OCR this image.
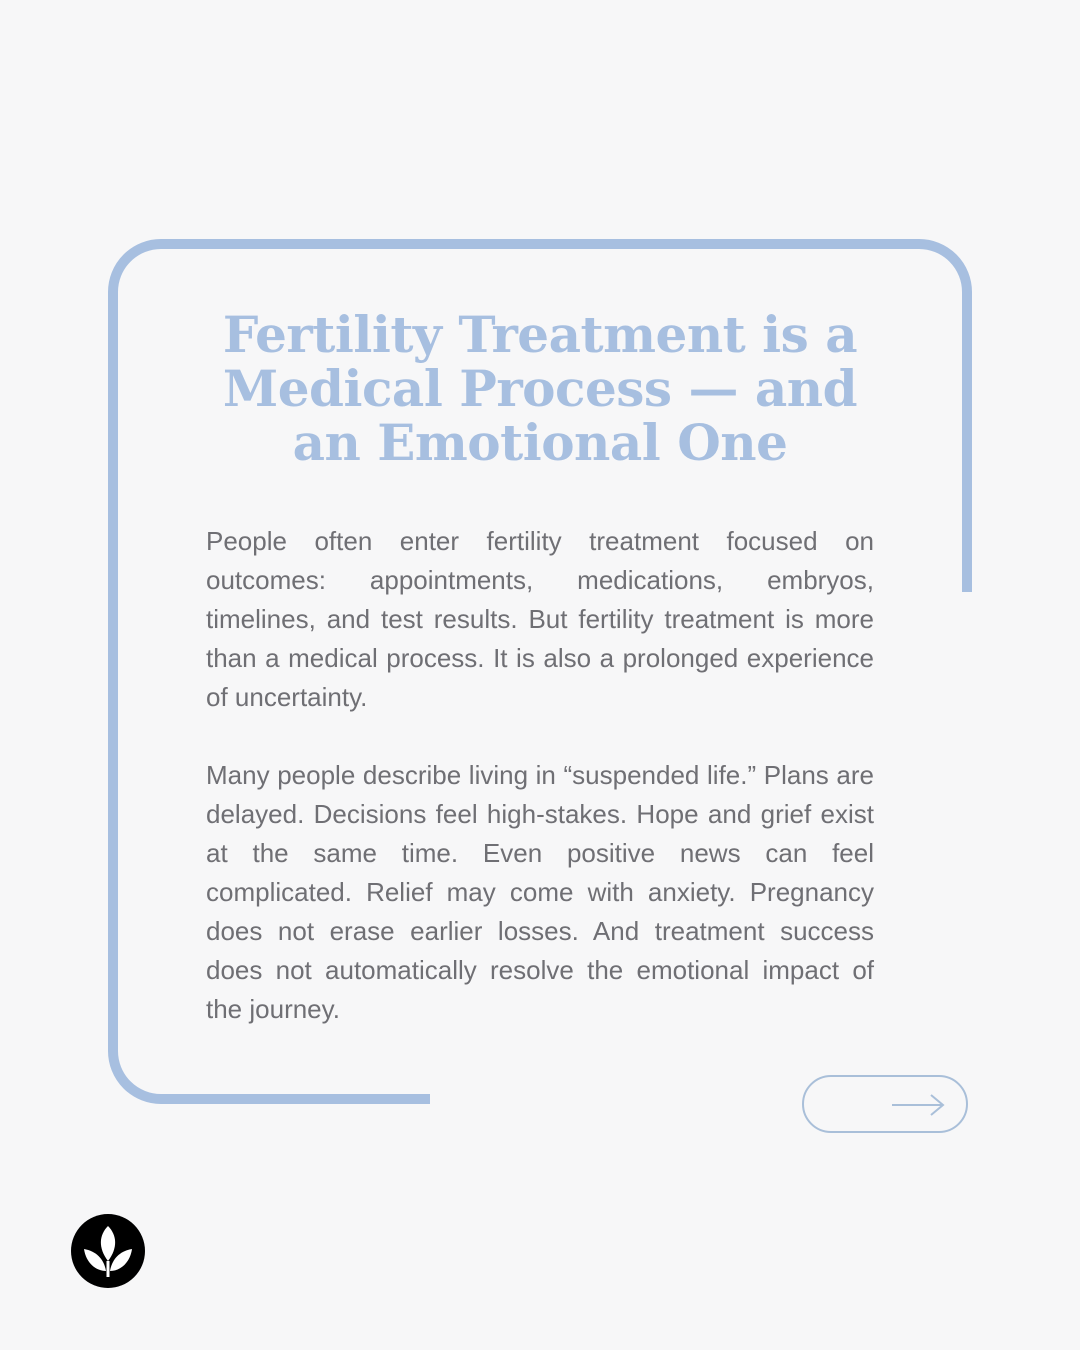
Fertility Treatment is a
Medical Process — and
an Emotional One

People often enter fertility treatment focused on outcomes: appointments, medications, embryos, timelines, and test results. But fertility treatment is more than a medical process. It is also a prolonged experience of uncertainty.

Many people describe living in “suspended life.” Plans are delayed. Decisions feel high-stakes. Hope and grief exist at the same time. Even positive news can feel complicated. Relief may come with anxiety. Pregnancy does not erase earlier losses. And treatment success does not automatically resolve the emotional impact of the journey.
